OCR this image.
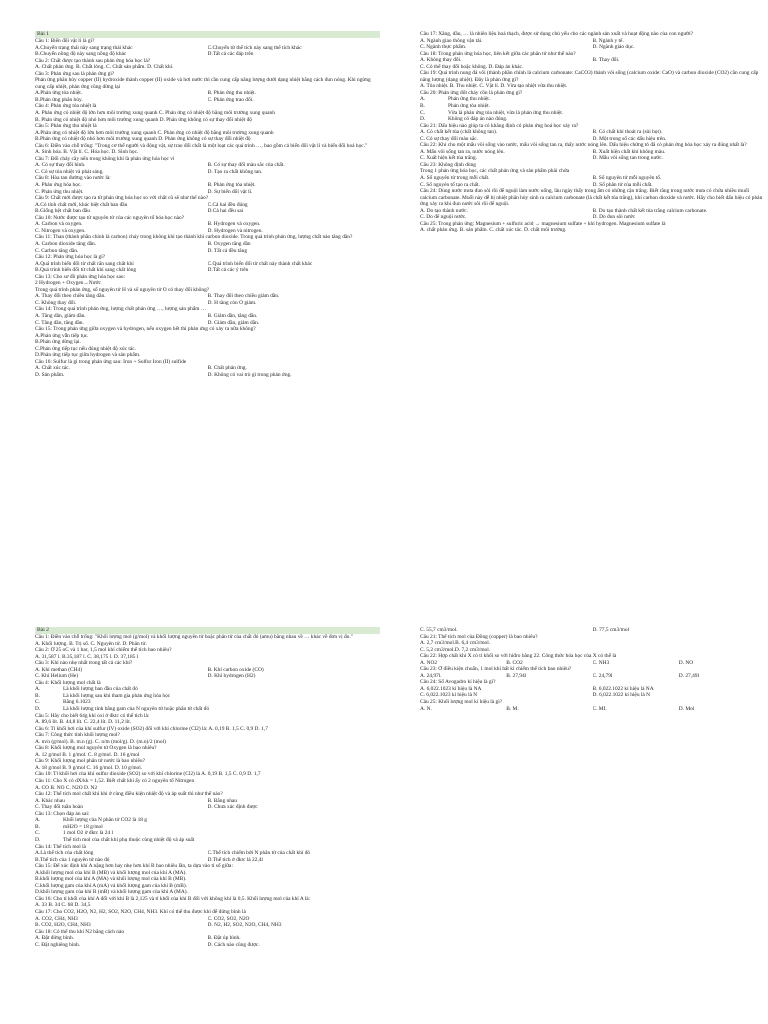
Bài 1
Câu 1: Biến đổi vật lí là gì?
A.Chuyển trạng thái này sang trạng thái khác	C.Chuyển từ thể tích này sang thể tích khác
B.Chuyển nồng độ này sang nồng độ khác	D.Tất cả các đáp trên
Câu 2: Chất được tạo thành sau phản ứng hóa học là?
A. Chất phản ứng. B. Chất lỏng. C. Chất sản phẩm. D. Chất khí.
Câu 3: Phản ứng sau là phản ứng gì?
Phản ứng phân hủy copper (II) hydroxide thành copper (II) oxide và hơi nước thì cần cung cấp năng lượng dưới dạng nhiệt bằng cách đun nóng. Khi ngừng cung cấp nhiệt, phản ứng cũng dừng lại
A.Phản ứng tỏa nhiệt.	B. Phản ứng thu nhiệt.
B.Phản ứng phân hủy.	C. Phản ứng trao đổi.
Câu 4: Phản ứng tỏa nhiệt là
A. Phản ứng có nhiệt độ lớn hơn môi trường xung quanh C. Phản ứng có nhiệt độ bằng môi trường xung quanh
B. Phản ứng có nhiệt độ nhỏ hơn môi trường xung quanh D. Phản ứng không có sự thay đổi nhiệt độ
Câu 5: Phản ứng thu nhiệt là
A.Phản ứng có nhiệt độ lớn hơn môi trường xung quanh C. Phản ứng có nhiệt độ bằng môi trường xung quanh
B.Phản ứng có nhiệt độ nhỏ hơn môi trường xung quanh D. Phản ứng không có sự thay đổi nhiệt độ
Câu 6: Điền vào chỗ trống: "Trong cơ thể người và động vật, sự trao đổi chất là một loạt các quá trình …, bao gồm cả biến đổi vật lí và biến đổi hoá học."
A. Sinh hóa. B. Vật lí. C. Hóa học. D. Sinh học.
Câu 7: Đối chảy cây nến trong không khí là phản ứng hóa học vì
A. Có sự thay đổi hình.	B. Có sự thay đổi màu sắc của chất.
C. Có sự tỏa nhiệt và phát sáng.	D. Tạo ra chất không tan.
Câu 8: Hòa tan đường vào nước là:
A. Phản ứng hóa học.	B. Phản ứng tỏa nhiệt.
C. Phản ứng thu nhiệt.	D. Sự biến đổi vật lí.
Câu 9: Chất mới được tạo ra từ phản ứng hóa học so với chất cũ sẽ như thế nào?
A.Có tính chất mới, khác biệt chất ban đầu	C.Cả hai đều đúng
B.Giống hệt chất ban đầu	D.Cả hai đều sai
Câu 10: Nước được tạo từ nguyên tử của các nguyên tố hóa học nào?
A. Carbon và oxygen.	B. Hydrogen và oxygen.
C. Nitrogen và oxygen.	D. Hydrogen và nitrogen.
Câu 11: Than (thành phần chính là carbon) cháy trong không khí tạo thành khí carbon dioxide. Trong quá trình phản ứng, lượng chất nào tăng dần?
A. Carbon dioxide tăng dần.	B. Oxygen tăng dần
C. Carbon tăng dần.	D. Tất cả đều tăng
Câu 12: Phản ứng hóa học là gì?
A.Quá trình biến đổi từ chất rắn sang chất khí	C.Quá trình biến đổi từ chất này thành chất khác
B.Quá trình biến đổi từ chất khí sang chất lỏng	D.Tất cả các ý trên
Câu 13: Cho sơ đồ phản ứng hóa học sau:
2 Hydrogen + Oxygen→Nước
Trong quá trình phản ứng, số nguyên tử H và số nguyên tử O có thay đổi không?
A. Thay đổi theo chiều tăng dần.	B. Thay đổi theo chiều giảm dần.
C. Không thay đổi.	D. H tăng còn O giảm.
Câu 14: Trong quá trình phản ứng, lượng chất phản ứng …, lượng sản phẩm …
A. Tăng dần, giảm dần.	B. Giảm dần, tăng dần.
C. Tăng dần, tăng dần.	D. Giảm dần, giảm dần.
Câu 15: Trong phản ứng giữa oxygen và hydrogen, nếu oxygen hết thì phản ứng có xảy ra nữa không?
A.Phản ứng vẫn tiếp tục.
B.Phản ứng dừng lại.
C.Phản ứng tiếp tục nếu đúng nhiệt độ xúc tác.
D.Phản ứng tiếp tục giữa hydrogen và sản phẩm.
Câu 16: Sulfur là gì trong phản ứng sau: Iron + Sulfur Iron (II) sulfide
A. Chất xúc tác.	B. Chất phản ứng.
D. Sản phẩm.	D. Không có vai trò gì trong phản ứng.
Câu 17: Xăng, dầu, … là nhiên liệu hoá thạch, được sử dụng chủ yếu cho các ngành sản xuất và hoạt động nào của con người?
A. Ngành giao thông vận tải.	B. Ngành y tế.
C. Ngành thực phẩm.	D. Ngành giáo dục.
Câu 18: Trong phản ứng hóa học, liên kết giữa các phân tử như thế nào?
A. Không thay đổi.	B. Thay đổi.
C. Có thể thay đổi hoặc không. D. Đáp án khác.
Câu 19: Quá trình nung đá vôi (thành phần chính là calcium carbonate: CaCO3) thành vôi sống (calcium oxide: CaO) và carbon dioxide (CO2) cần cung cấp năng lượng (dạng nhiệt). Đây là phản ứng gì?
A. Tỏa nhiệt. B. Thu nhiệt. C. Vật lí. D. Vừa tạo nhiệt vừa thu nhiệt.
Câu 20: Phản ứng đốt cháy cồn là phản ứng gì?
A.	Phản ứng thu nhiệt.
B.	Phản ứng tỏa nhiệt.
C.	Vừa là phản ứng tỏa nhiệt, vừa là phản ứng thu nhiệt.
D.	Không có đáp án nào đúng.
Câu 21: Dấu hiệu nào giúp ta có khẳng định có phản ứng hoá học xảy ra?
A. Có chất kết tủa (chất không tan).	B. Có chất khí thoát ra (sủi bọt).
C. Có sự thay đổi màu sắc.	D. Một trong số các dấu hiệu trên.
Câu 22: Khi cho một mẩu vôi sống vào nước, mẩu vôi sống tan ra, thấy nước nóng lên. Dấu hiệu chứng tỏ đã có phản ứng hóa học xảy ra đúng nhất là?
A. Mẩu vôi sống tan ra, nước nóng lên.	B. Xuất hiện chất khí không màu.
C. Xuất hiện kết tủa trắng.	D. Mẩu vôi sống tan trong nước.
Câu 23: Không định dùng
Trong 1 phản ứng hóa học, các chất phản ứng và sản phẩm phải chứa
A. Số nguyên tử trong mỗi chất.	B. Số nguyên tử mỗi nguyên tố.
C. Số nguyên tố tạo ra chất.	D. Số phân tử của mỗi chất.
Câu 24: Dùng nước mưa đun sôi rồi để nguội làm nước uống, lâu ngày thấy trong ấm có những cặn trắng. Biết rằng trong nước mưa có chứa nhiều muối calcium carbonate. Muối này dễ bị nhiệt phân hủy sinh ra calcium carbonate (là chất kết tủa trắng), khí carbon dioxide và nước. Hãy cho biết dấu hiệu có phản ứng xảy ra khi đun nước sôi rồi để nguội.
A. Do tạo thành nước.	B. Do tạo thành chất kết tủa trắng calcium carbonate.
C. Do để nguội nước.	D. Do đun sôi nước
Câu 25: Trong phản ứng: Magnesium + sulfuric acid → magnesium sulfate + khí hydrogen. Magnesium sulfate là
A. chất phản ứng. B. sản phẩm. C. chất xúc tác. D. chất môi trường.
Bài 2
Câu 1: Điền vào chỗ trống: "Khối lượng mol (g/mol) và khối lượng nguyên tử hoặc phân tử của chất đó (amu) bằng nhau về … khác về đơn vị đo."
A. Khối lượng. B. Trị số. C. Nguyên tử. D. Phân tử.
Câu 2: Ở 25 oC và 1 bar, 1,5 mol khí chiếm thể tích bao nhiêu?
A. 31,587 l. B.35,187 l. C. 38,175 l. D. 37,185 l
Câu 3: Khí nào nhẹ nhất trong tất cả các khí?
A. Khí methan (CH4)	B. Khí carbon oxide (CO)
C. Khí Helium (He)	D. Khí hydrogen (H2)
Câu 4: Khối lượng mol chất là
A.	Là khối lượng ban đầu của chất đó
B.	Là khối lượng sau khi tham gia phản ứng hóa học
C.	Bằng 6.1023
D.	Là khối lượng tính bằng gam của N nguyên tử hoặc phân tử chất đó
Câu 5: Hãy cho biết 64g khí oxi ở đktc có thể tích là:
A. 89,6 lít. B. 44,8 lít. C. 22,4 lít. D. 11,2 lít.
Câu 6: Tỉ khối hơi của khí sulfur (IV) oxide (SO2) đối với khí chlorine (Cl2) là: A. 0,19 B. 1,5 C. 0,9 D. 1,7
Câu 7: Công thức tính khối lượng mol?
A. m/n (g/mol). B. m.n (g). C. n/m (mol/g). D. (m.n)/2 (mol)
Câu 8: Khối lượng mol nguyên tử Oxygen là bao nhiêu?
A. 12 g/mol B. 1 g/mol. C. 8 g/mol. D. 16 g/mol
Câu 9: Khối lượng mol phân tử nước là bao nhiêu?
A. 18 g/mol B. 9 g/mol C. 16 g/mol. D. 10 g/mol.
Câu 10: Tỉ khối hơi của khí sulfur dioxide (SO2) so với khí chlorine (Cl2) là A. 0,19 B. 1,5 C. 0,9 D. 1,7
Câu 11: Cho X có dX/kk = 1,52. Biết chất khí ấy có 2 nguyên tố Nitrogen
A. CO B. NO C. N2O D. N2
Câu 12: Thể tích mol chất khí khi ở cùng điều kiện nhiệt độ và áp suất thì như thế nào?
A. Khác nhau	B. Bằng nhau
C. Thay đổi tuần hoàn	D. Chưa xác định được
Câu 13: Chọn đáp án sai:
A.	Khối lượng của N phân tử CO2 là 18 g
B.	mH2O = 18 g/mol
C.	1 mol O2 ở đktc là 24 l
D.	Thể tích mol của chất khí phụ thuộc cùng nhiệt độ và áp suất
Câu 14: Thể tích mol là
A.Là thể tích của chất lỏng	C.Thể tích chiếm bởi N phân tử của chất khí đó
B.Thể tích của 1 nguyên tử nào đó	D.Thể tích ở đktc là 22,4l
Câu 15: Để xác định khí A nặng hơn hay nhẹ hơn khí B bao nhiêu lần, ta dựa vào tỉ số giữa:
A.khối lượng mol của khí B (MB) và khối lượng mol của khí A (MA).
B.khối lượng mol của khí A (MA) và khối lượng mol của khí B (MB).
C.khối lượng gam của khí A (mA) và khối lượng gam của khí B (mB).
D.khối lượng gam của khí B (mB) và khối lượng gam của khí A (MA).
Câu 16: Cho tỉ khối của khí A đối với khí B là 2,125 và tỉ khối của khí B đối với không khí là 0,5. Khối lượng mol của khí A là:
A. 33 B. 34 C. 68 D. 34,5
Câu 17: Cho CO2, H2O, N2, H2, SO2, N2O, CH4, NH3. Khí có thể thu được khi để đứng bình là
A. CO2, CH4, NH3	C. CO2, SO2, N2O
B. CO2, H2O, CH4, NH3	D. N2, H2, SO2, N2O, CH4, NH3
Câu 18: Có thể thu khí N2 bằng cách nào
A. Đặt đứng bình.	B. Đặt úp bình.
C. Đặt nghiêng bình.	D. Cách nào cũng được.
C. 55,7 cm3/mol.	D. 77,5 cm3/mol
Câu 21: Thể tích mol của Đồng (copper) là bao nhiêu?
A. 2,7 cm3/mol.B. 6,4 cm3/mol.
C. 5,2 cm3/mol.D. 7,2 cm3/mol.
Câu 22: Hợp chất khí X có tỉ khối so với hiđro bằng 22. Công thức hóa học của X có thể là
A. NO2	B. CO2	C. NH3	D. NO
Câu 23: Ở điều kiện chuẩn, 1 mol khí bất kì chiếm thể tích bao nhiêu?
A. 24,97l.	B. 27,94l	C. 24,79l	D. 27,49l
Câu 24: Số Avogadro kí hiệu là gì?
A. 6,022.1023 kí hiệu là NA	B. 6,022.1022 kí hiệu là NA
C. 6,022.1023 kí hiệu là N	D. 6,022.1022 kí hiệu là N
Câu 25: Khối lượng mol kí hiệu là gì?
A. N.	B. M.	C. MI.	D. Mol
